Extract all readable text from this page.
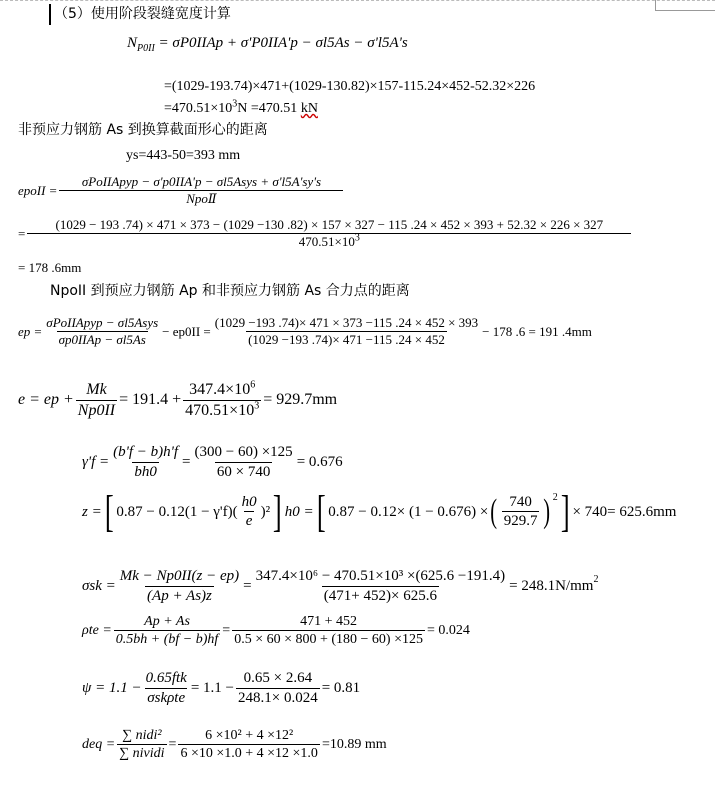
（5）使用阶段裂缝宽度计算
$N_{P0II}$ = σP0IIAp + σ'P0IIA'p − σl5As − σ'l5A's
=(1029-193.74)×471+(1029-130.82)×157-115.24×452-52.32×226
$=470.51\times 10^3N =470.51$ kN
非预应力钢筋 As 到换算截面形心的距离
ys=443-50=393 mm
epoII = $\frac{\text{σPoIIApyp − σ'p0IIA'p − σl5Asys + σ'l5A'sy's}}{\text{NpoⅡ}}$
=
(1029 − 193 .74) × 471 × 373 − (1029 −130 .82) × 157 × 327 − 115 .24 × 452 × 393 + 52.32 × 226 × 327
$470.51\times 10^3$
= 178 .6mm
NpoII 到预应力钢筋 Ap 和非预应力钢筋 As 合力点的距离
ep = $\frac{\text{σPoIIApyp − σl5Asys}}{\text{σp0IIAp − σl5As}} - ep0II = \frac{(1029 -193 .74)\times 471 \times 373 -115 .24 \times 452 \times 393}{(1029 -193 .74)\times 471 -115 .24 \times 452} - 178$ .6 = 191 .4mm
e = ep + $\frac{Mk}{Np0II} = 191.4 + \frac{347.4\times 10^6}{470.51\times 10^3} = 929.7mm$
$\gamma'f = \frac{(b'f - b)h'f}{bh0} = \frac{(300 - 60) \times 125}{60 \times 740} = 0.676$
z = [ $0.87 - 0.12(1 - \gamma'f)( \frac{h0}{e} )^2$ ] h0 = [ 0.87 − 0.12× (1 − 0.676) × ( $\frac{740}{929.7} )^2$ ] × 740= 625.6mm
$\sigma sk = \frac{Mk - Np0II(z - ep)}{(Ap + As)z} = \frac{\text{347.4×10⁶ − 470.51×10³ ×(625.6 −191.4)}}{(471+ 452)\times 625.6} = 248.1N/mm^2$
$\rho te = \frac{Ap + As}{0.5bh + (bf - b)hf} = \frac{471 + 452}{0.5 \times 60 \times 800 + (180 - 60) \times 125} = 0.024$
$\psi = 1.1 - \frac{\text{0.65ftk}}{\text{σskρte}} = 1.1 - \frac{0.65 \times 2.64}{248.1\times 0.024} = 0.81$
deq = $\frac{\text{∑ nidi²}}{\text{∑ niνidi}} = \frac{\text{6 ×10² + 4 ×12²}}{6 \times 10 \times 1.0 + 4 \times 12 \times 1.0} =10.89$ mm
